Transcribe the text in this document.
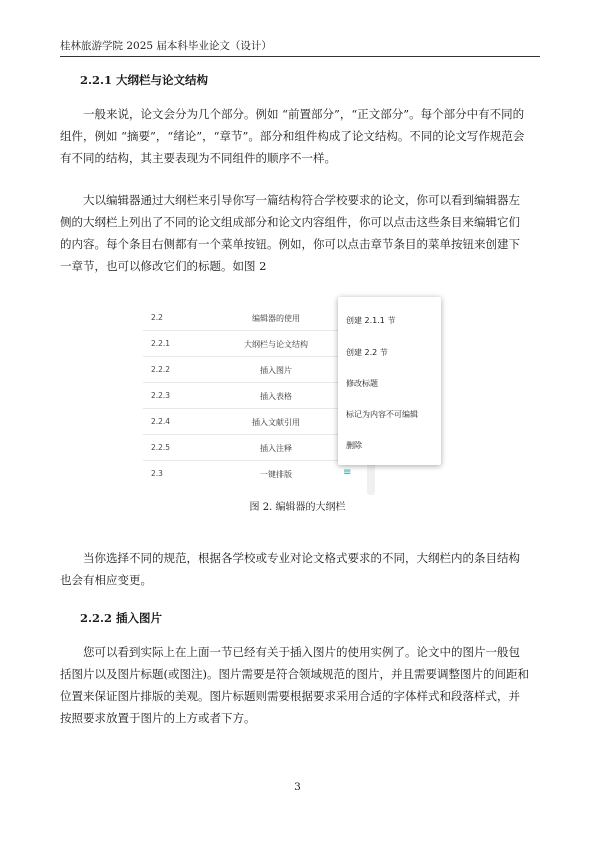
桂林旅游学院 2025 届本科毕业论文（设计）
2.2.1 大纲栏与论文结构

一般来说，论文会分为几个部分。例如 “前置部分”，“正文部分”。每个部分中有不同的
组件，例如 “摘要”，“绪论”，“章节”。部分和组件构成了论文结构。不同的论文写作规范会
有不同的结构，其主要表现为不同组件的顺序不一样。

大以编辑器通过大纲栏来引导你写一篇结构符合学校要求的论文，你可以看到编辑器左
侧的大纲栏上列出了不同的论文组成部分和论文内容组件，你可以点击这些条目来编辑它们
的内容。每个条目右侧都有一个菜单按钮。例如，你可以点击章节条目的菜单按钮来创建下
一章节，也可以修改它们的标题。如图 2

2.2	编辑器的使用
2.2.1	大纲栏与论文结构
2.2.2	插入图片
2.2.3	插入表格
2.2.4	插入文献引用
2.2.5	插入注释
2.3	一键排版	≡
创建 2.1.1 节
创建 2.2 节
修改标题
标记为内容不可编辑
删除
图 2. 编辑器的大纲栏

当你选择不同的规范，根据各学校或专业对论文格式要求的不同，大纲栏内的条目结构
也会有相应变更。

2.2.2 插入图片

您可以看到实际上在上面一节已经有关于插入图片的使用实例了。论文中的图片一般包
括图片以及图片标题(或图注)。图片需要是符合领域规范的图片，并且需要调整图片的间距和
位置来保证图片排版的美观。图片标题则需要根据要求采用合适的字体样式和段落样式，并
按照要求放置于图片的上方或者下方。

3
